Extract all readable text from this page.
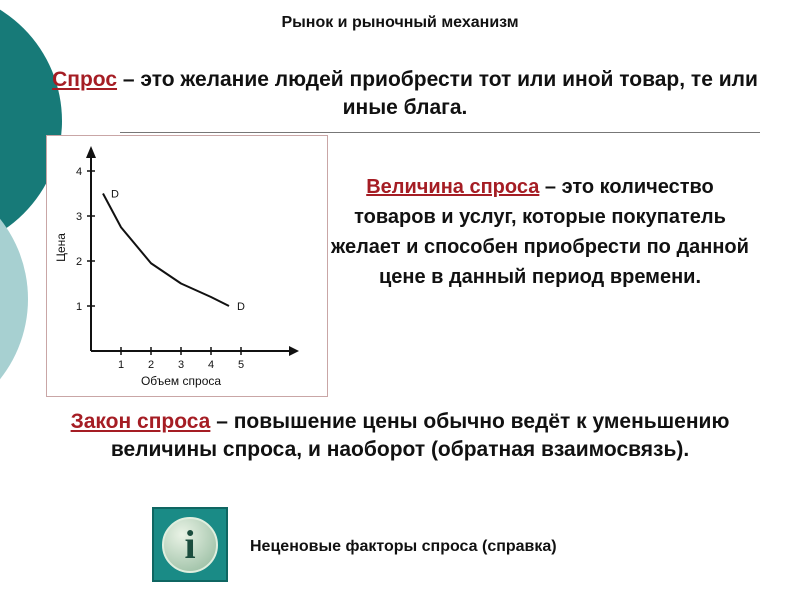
Рынок и рыночный механизм
Спрос – это желание людей приобрести тот или иной товар, те или иные блага.
1 2 3 4 5
1
2
3
4
Объем спроса
Цена
D
D
Величина спроса – это количество товаров и услуг, которые покупатель желает и способен приобрести по данной цене в данный период времени.
Закон спроса – повышение цены обычно ведёт к уменьшению величины спроса, и наоборот (обратная взаимосвязь).
i	Неценовые факторы спроса (справка)
